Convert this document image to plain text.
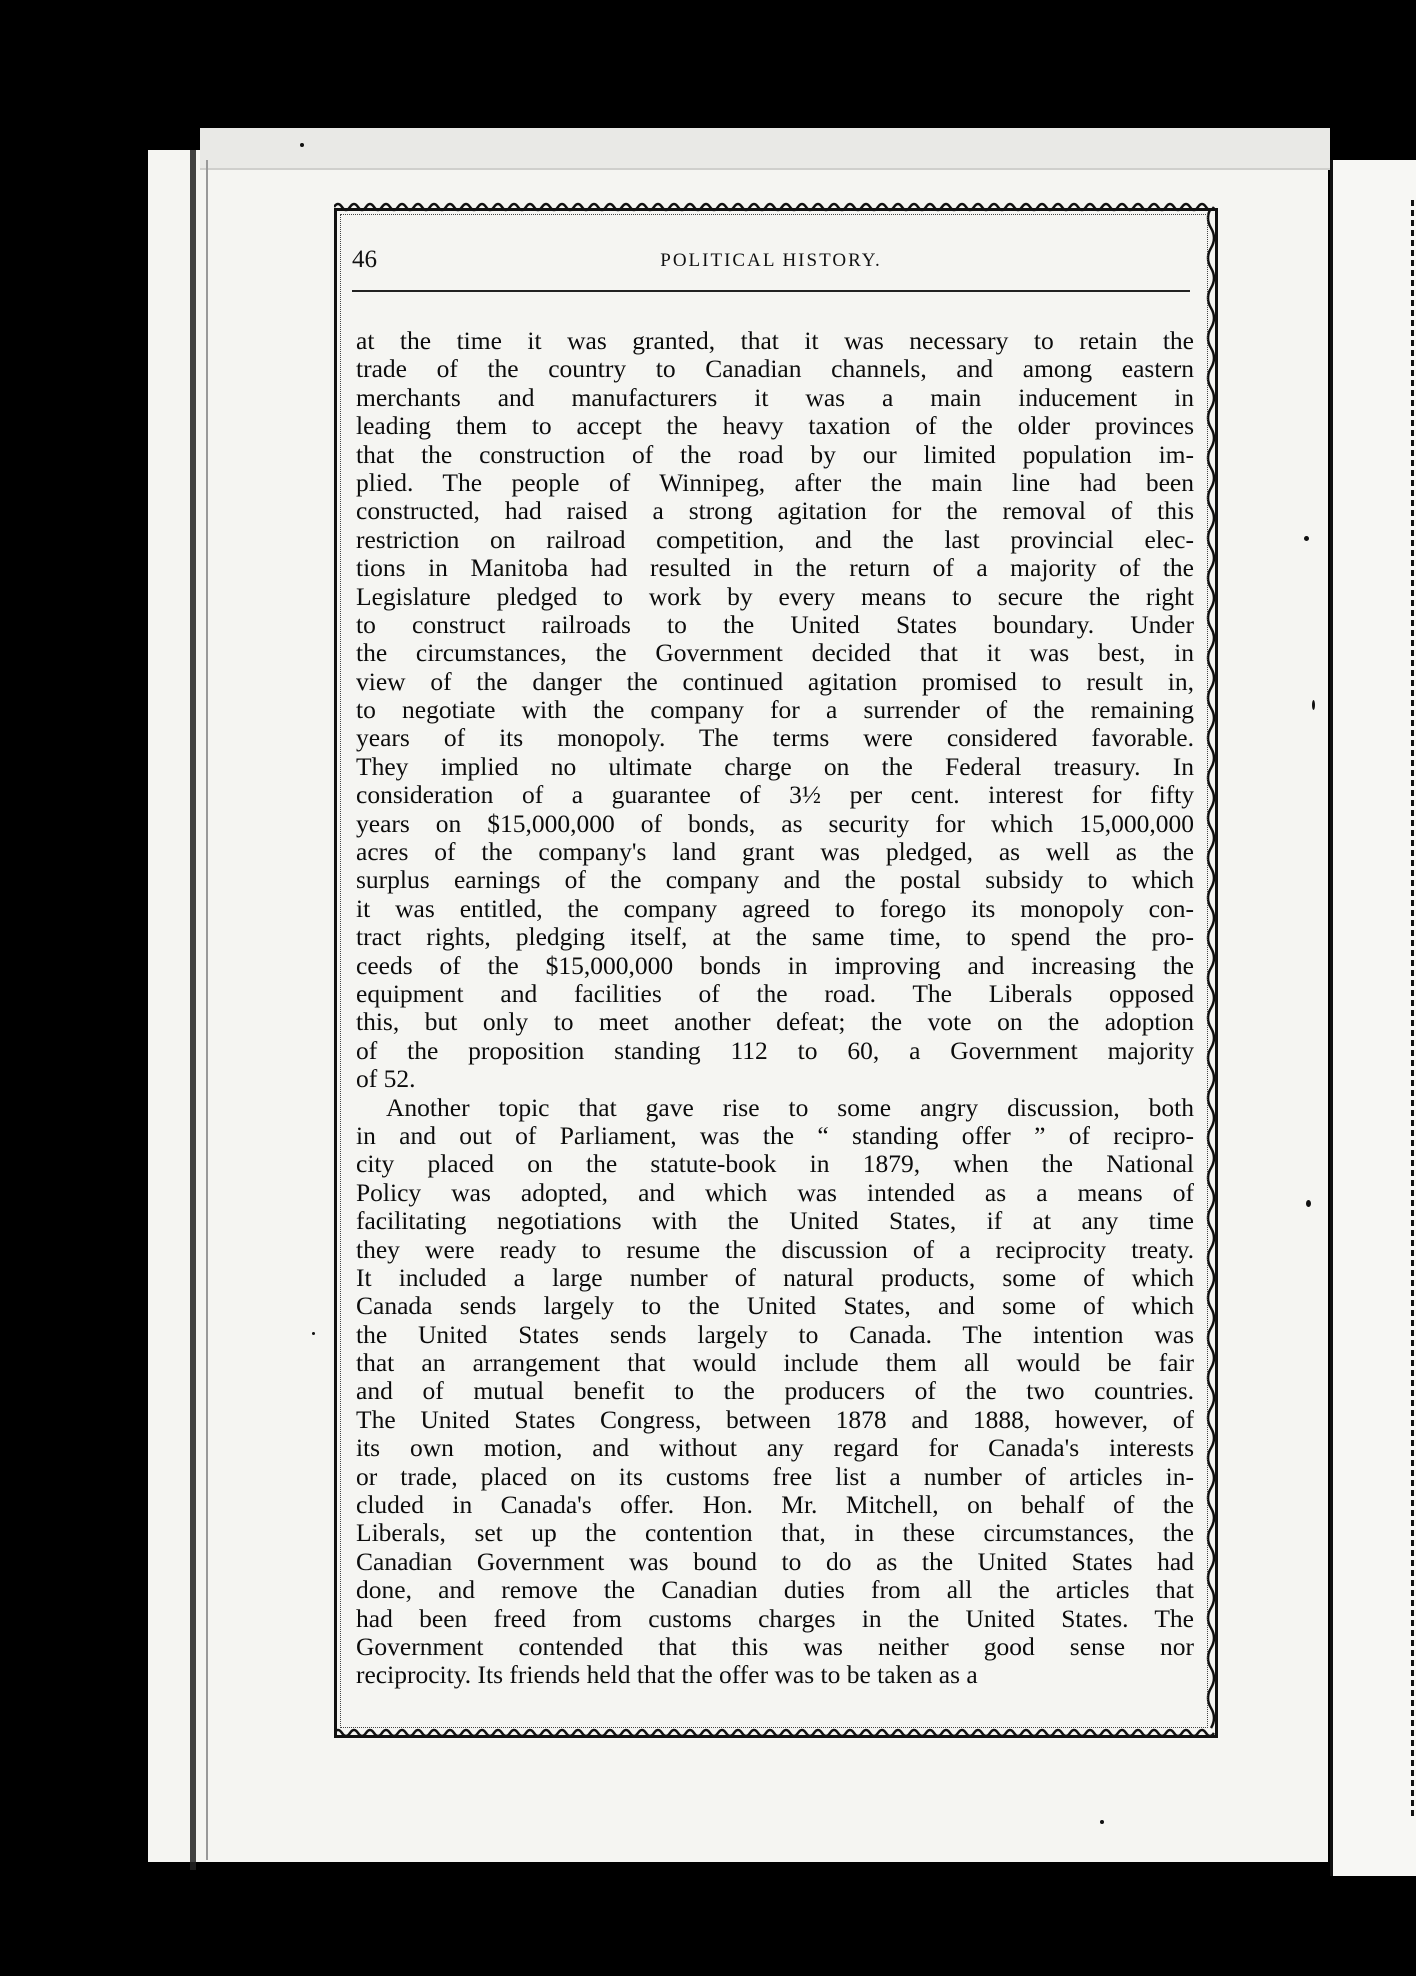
46	POLITICAL HISTORY.
at the time it was granted, that it was necessary to retain the
trade of the country to Canadian channels, and among eastern
merchants and manufacturers it was a main inducement in
leading them to accept the heavy taxation of the older provinces
that the construction of the road by our limited population im-
plied. The people of Winnipeg, after the main line had been
constructed, had raised a strong agitation for the removal of this
restriction on railroad competition, and the last provincial elec-
tions in Manitoba had resulted in the return of a majority of the
Legislature pledged to work by every means to secure the right
to construct railroads to the United States boundary. Under
the circumstances, the Government decided that it was best, in
view of the danger the continued agitation promised to result in,
to negotiate with the company for a surrender of the remaining
years of its monopoly. The terms were considered favorable.
They implied no ultimate charge on the Federal treasury. In
consideration of a guarantee of 3½ per cent. interest for fifty
years on $15,000,000 of bonds, as security for which 15,000,000
acres of the company's land grant was pledged, as well as the
surplus earnings of the company and the postal subsidy to which
it was entitled, the company agreed to forego its monopoly con-
tract rights, pledging itself, at the same time, to spend the pro-
ceeds of the $15,000,000 bonds in improving and increasing the
equipment and facilities of the road. The Liberals opposed
this, but only to meet another defeat; the vote on the adoption
of the proposition standing 112 to 60, a Government majority
of 52.
Another topic that gave rise to some angry discussion, both
in and out of Parliament, was the “ standing offer ” of recipro-
city placed on the statute-book in 1879, when the National
Policy was adopted, and which was intended as a means of
facilitating negotiations with the United States, if at any time
they were ready to resume the discussion of a reciprocity treaty.
It included a large number of natural products, some of which
Canada sends largely to the United States, and some of which
the United States sends largely to Canada. The intention was
that an arrangement that would include them all would be fair
and of mutual benefit to the producers of the two countries.
The United States Congress, between 1878 and 1888, however, of
its own motion, and without any regard for Canada's interests
or trade, placed on its customs free list a number of articles in-
cluded in Canada's offer. Hon. Mr. Mitchell, on behalf of the
Liberals, set up the contention that, in these circumstances, the
Canadian Government was bound to do as the United States had
done, and remove the Canadian duties from all the articles that
had been freed from customs charges in the United States. The
Government contended that this was neither good sense nor
reciprocity. Its friends held that the offer was to be taken as a
